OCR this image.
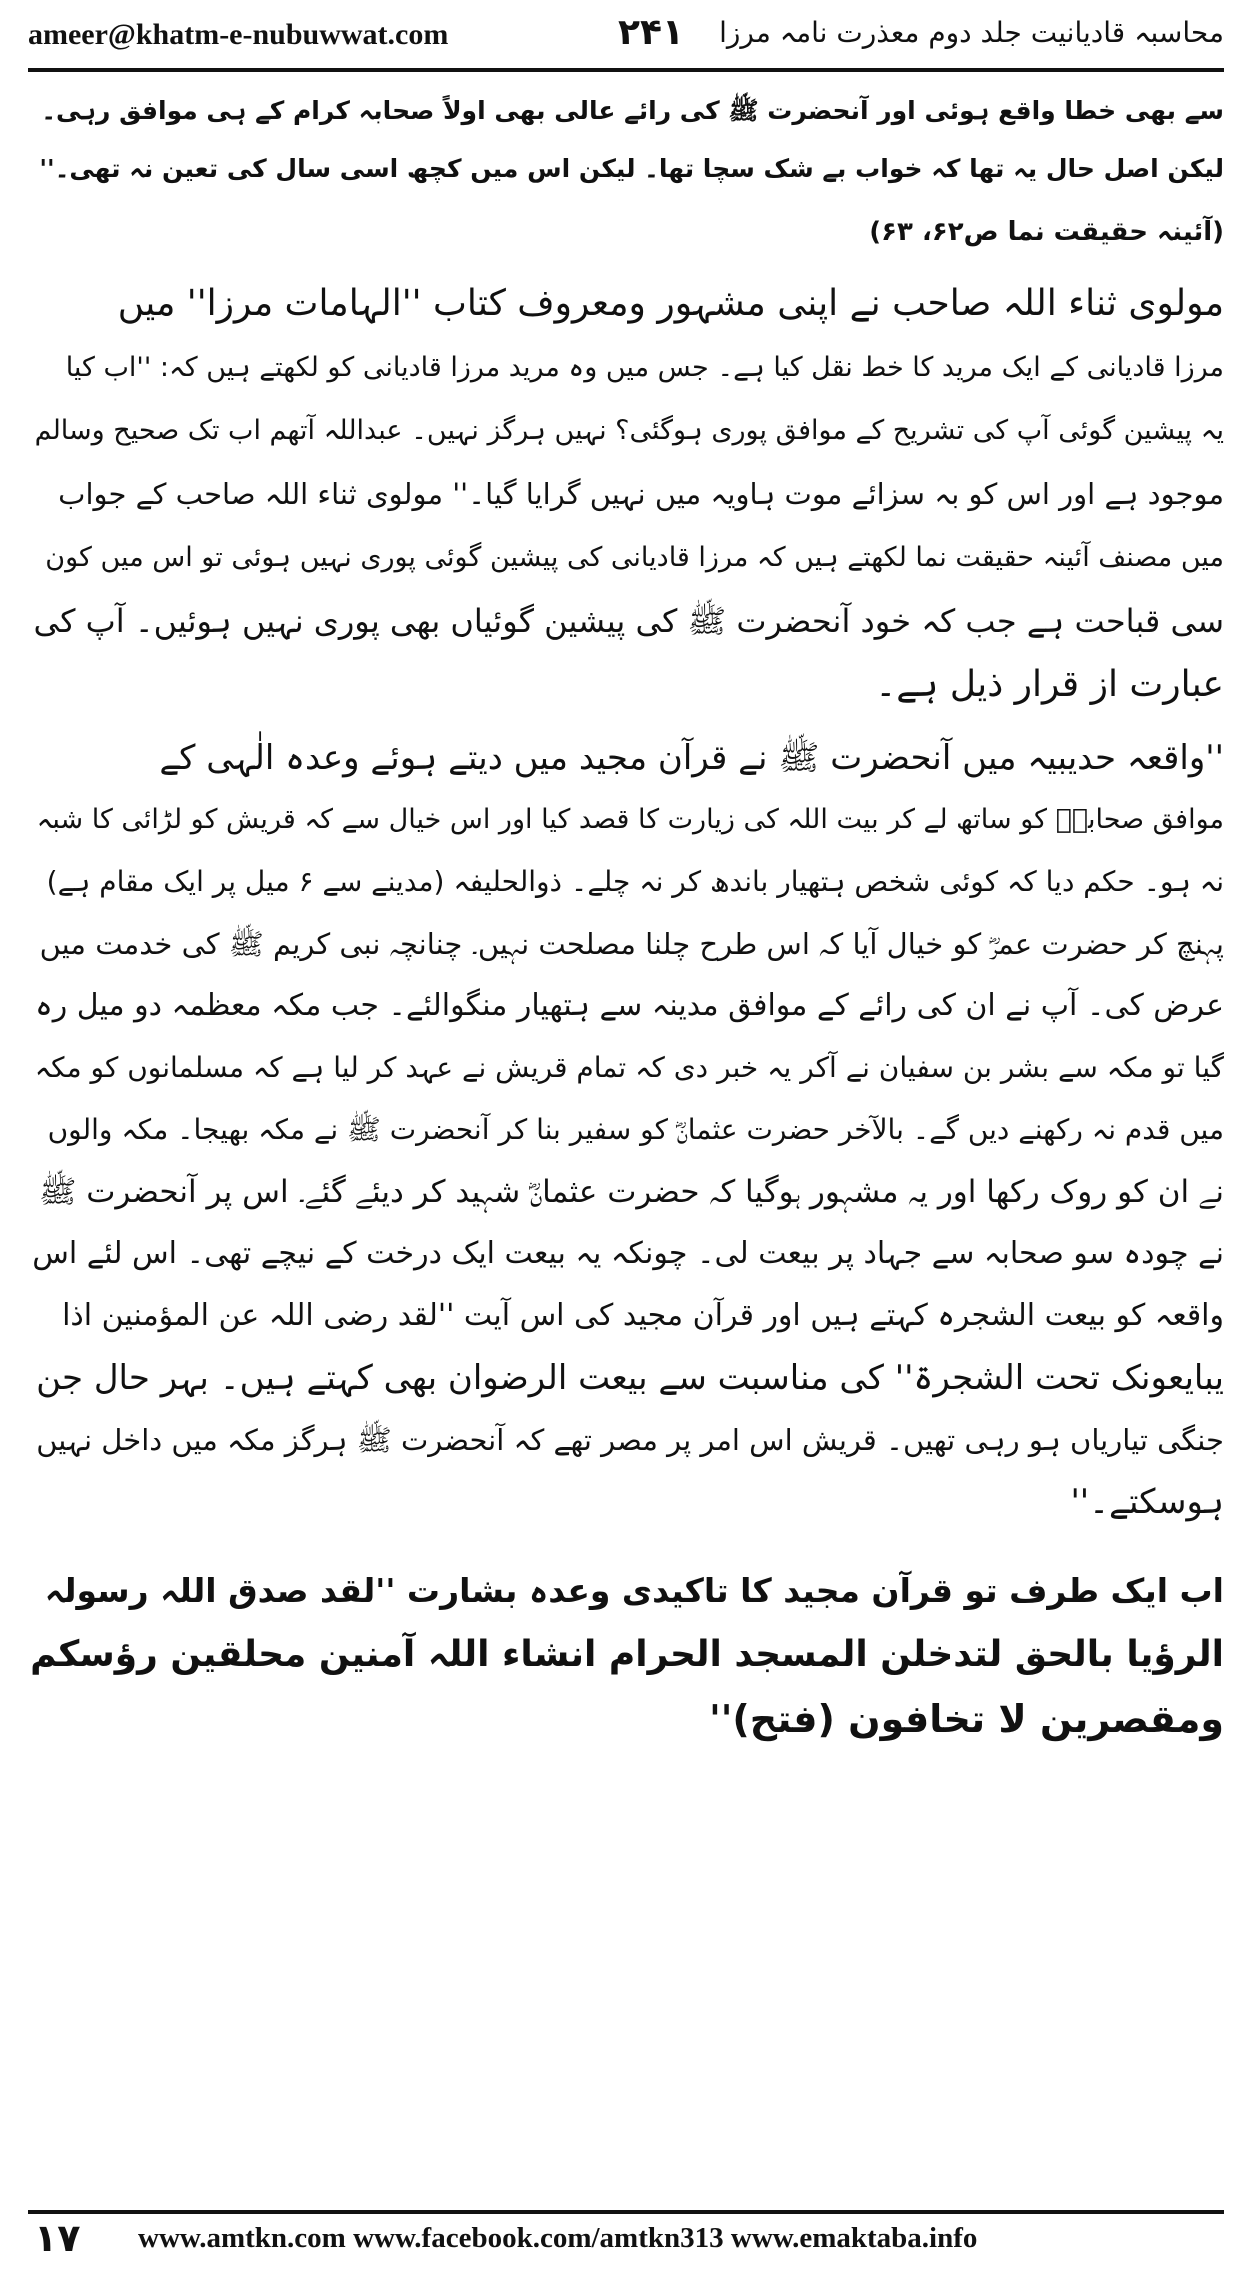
ameer@khatm-e-nubuwwat.com	۲۴۱ محاسبہ قادیانیت جلد دوم معذرت نامہ مرزا

سے بھی خطا واقع ہوئی اور آنحضرت ﷺ کی رائے عالی بھی اولاً صحابہ کرام کے ہی موافق رہی۔

لیکن اصل حال یہ تھا کہ خواب بے شک سچا تھا۔ لیکن اس میں کچھ اسی سال کی تعین نہ تھی۔''

(آئینہ حقیقت نما ص۶۲، ۶۳)

مولوی ثناء اللہ صاحب نے اپنی مشہور ومعروف کتاب ''الہامات مرزا'' میں

مرزا قادیانی کے ایک مرید کا خط نقل کیا ہے۔ جس میں وہ مرید مرزا قادیانی کو لکھتے ہیں کہ: ''اب کیا

یہ پیشین گوئی آپ کی تشریح کے موافق پوری ہوگئی؟ نہیں ہرگز نہیں۔ عبداللہ آتھم اب تک صحیح وسالم

موجود ہے اور اس کو بہ سزائے موت ہاویہ میں نہیں گرایا گیا۔'' مولوی ثناء اللہ صاحب کے جواب

میں مصنف آئینہ حقیقت نما لکھتے ہیں کہ مرزا قادیانی کی پیشین گوئی پوری نہیں ہوئی تو اس میں کون

سی قباحت ہے جب کہ خود آنحضرت ﷺ کی پیشین گوئیاں بھی پوری نہیں ہوئیں۔ آپ کی

عبارت از قرار ذیل ہے۔

''واقعہ حدیبیہ میں آنحضرت ﷺ نے قرآن مجید میں دیتے ہوئے وعدہ الٰہی کے

موافق صحابہؓ کو ساتھ لے کر بیت اللہ کی زیارت کا قصد کیا اور اس خیال سے کہ قریش کو لڑائی کا شبہ

نہ ہو۔ حکم دیا کہ کوئی شخص ہتھیار باندھ کر نہ چلے۔ ذوالحلیفہ (مدینے سے ۶ میل پر ایک مقام ہے)

پہنچ کر حضرت عمرؓ کو خیال آیا کہ اس طرح چلنا مصلحت نہیں۔ چنانچہ نبی کریم ﷺ کی خدمت میں

عرض کی۔ آپ نے ان کی رائے کے موافق مدینہ سے ہتھیار منگوالئے۔ جب مکہ معظمہ دو میل رہ

گیا تو مکہ سے بشر بن سفیان نے آکر یہ خبر دی کہ تمام قریش نے عہد کر لیا ہے کہ مسلمانوں کو مکہ

میں قدم نہ رکھنے دیں گے۔ بالآخر حضرت عثمانؓ کو سفیر بنا کر آنحضرت ﷺ نے مکہ بھیجا۔ مکہ والوں

نے ان کو روک رکھا اور یہ مشہور ہوگیا کہ حضرت عثمانؓ شہید کر دیئے گئے۔ اس پر آنحضرت ﷺ

نے چودہ سو صحابہ سے جہاد پر بیعت لی۔ چونکہ یہ بیعت ایک درخت کے نیچے تھی۔ اس لئے اس

واقعہ کو بیعت الشجرہ کہتے ہیں اور قرآن مجید کی اس آیت ''لقد رضی اللہ عن المؤمنین اذا

یبایعونک تحت الشجرۃ'' کی مناسبت سے بیعت الرضوان بھی کہتے ہیں۔ بہر حال جن

جنگی تیاریاں ہو رہی تھیں۔ قریش اس امر پر مصر تھے کہ آنحضرت ﷺ ہرگز مکہ میں داخل نہیں

ہوسکتے۔''

اب ایک طرف تو قرآن مجید کا تاکیدی وعدہ بشارت ''لقد صدق اللہ رسولہ

الرؤیا بالحق لتدخلن المسجد الحرام انشاء اللہ آمنین محلقین رؤسکم

ومقصرین لا تخافون (فتح)''

۱۷ www.amtkn.com www.facebook.com/amtkn313 www.emaktaba.info
